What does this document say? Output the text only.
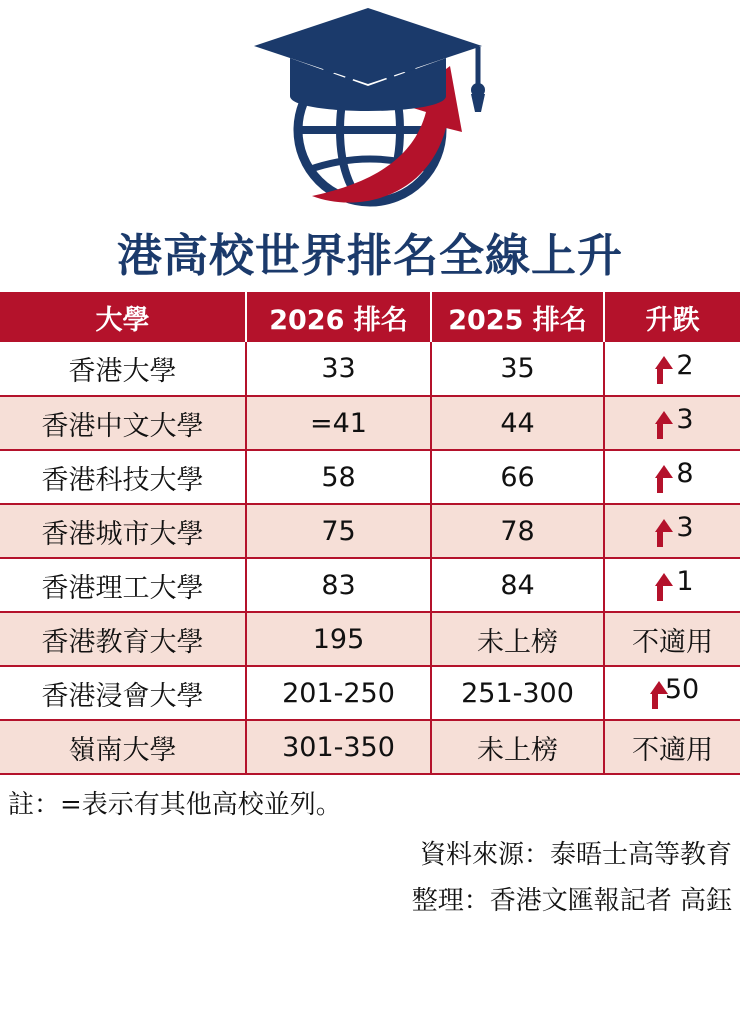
港高校世界排名全線上升
大學	2026 排名	2025 排名	升跌
香港大學	33	35	2

香港中文大學	=41	44	3

香港科技大學	58	66	8

香港城市大學	75	78	3

香港理工大學	83	84	1

香港教育大學	195	未上榜	不適用
香港浸會大學	201-250	251-300	50

嶺南大學	301-350	未上榜	不適用
註：=表示有其他高校並列。
資料來源：泰晤士高等教育
整理：香港文匯報記者 高鈺
